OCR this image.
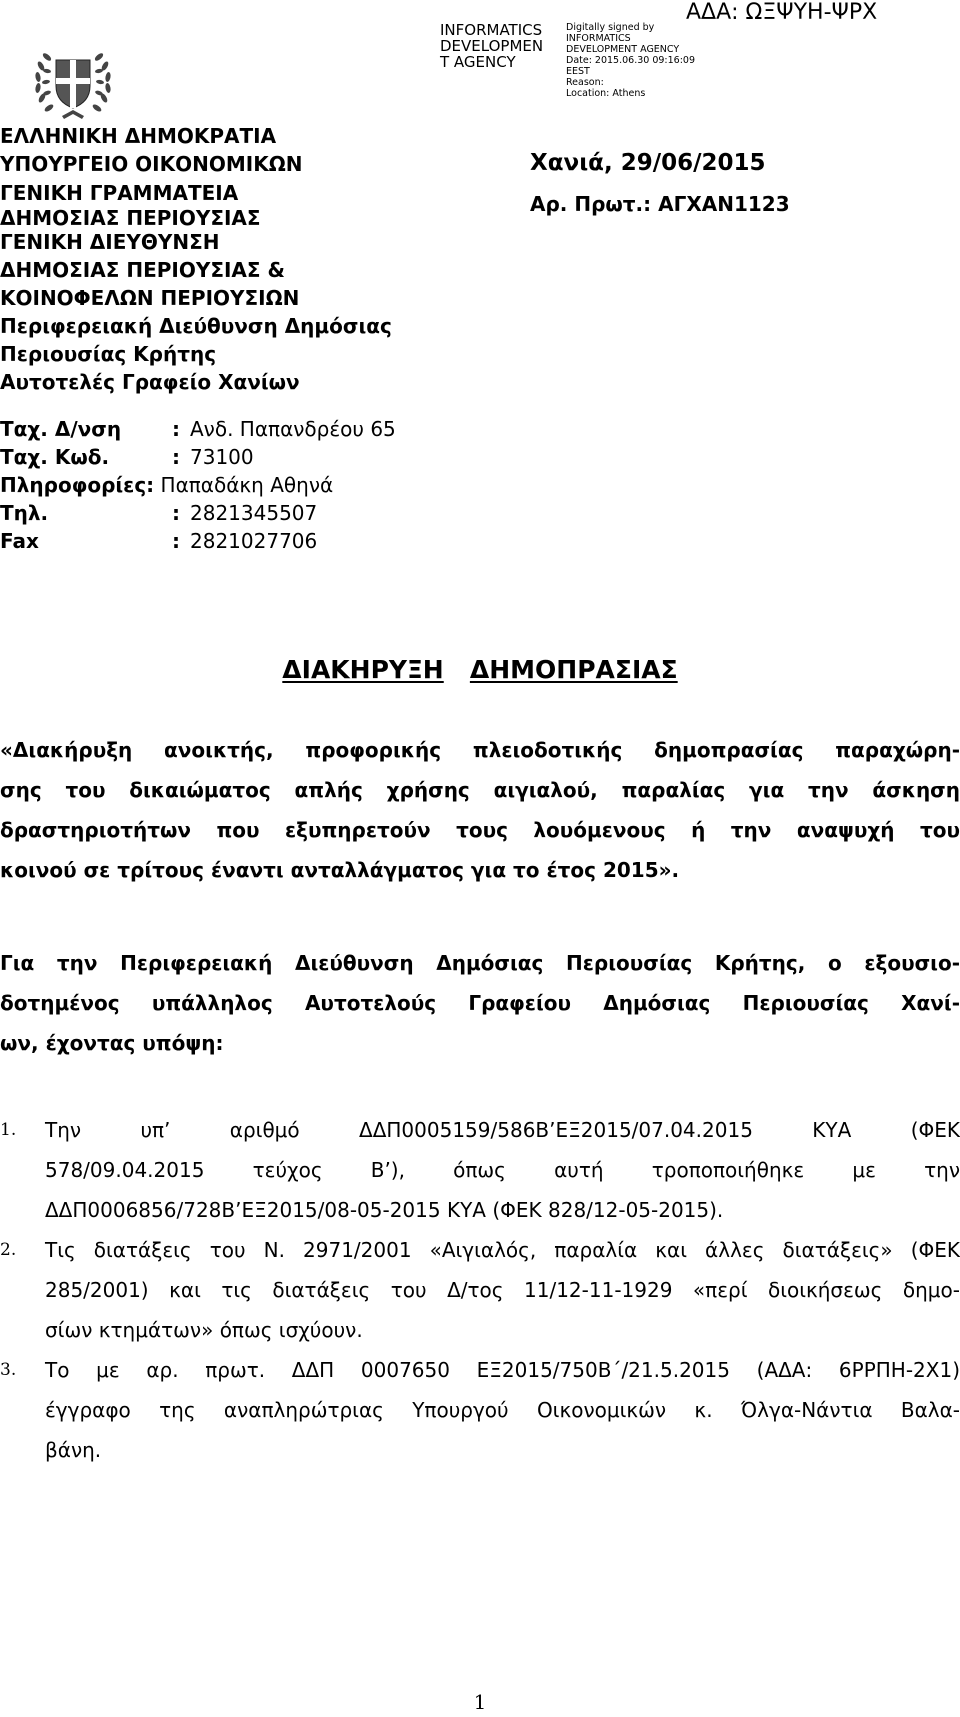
INFORMATICS
DEVELOPMEN
T AGENCY
Digitally signed by
INFORMATICS
DEVELOPMENT AGENCY
Date: 2015.06.30 09:16:09
EEST
Reason:
Location: Athens
ΑΔΑ: ΩΞΨΥΗ-ΨΡΧ
ΕΛΛΗΝΙΚΗ ΔΗΜΟΚΡΑΤΙΑ
ΥΠΟΥΡΓΕΙΟ ΟΙΚΟΝΟΜΙΚΩΝ
ΓΕΝΙΚΗ ΓΡΑΜΜΑΤΕΙΑ
ΔΗΜΟΣΙΑΣ ΠΕΡΙΟΥΣΙΑΣ
ΓΕΝΙΚΗ ΔΙΕΥΘΥΝΣΗ
ΔΗΜΟΣΙΑΣ ΠΕΡΙΟΥΣΙΑΣ &
ΚΟΙΝΟΦΕΛΩΝ ΠΕΡΙΟΥΣΙΩΝ
Περιφερειακή Διεύθυνση Δημόσιας
Περιουσίας Κρήτης
Αυτοτελές Γραφείο Χανίων
Χανιά, 29/06/2015
Αρ. Πρωτ.: ΑΓΧΑΝ1123
Ταχ. Δ/νση	: Ανδ. Παπανδρέου 65
Ταχ. Κωδ.	: 73100
Πληροφορίες: Παπαδάκη Αθηνά
Τηλ.	: 2821345507
Fax	: 2821027706
ΔΙΑΚΗΡΥΞΗ ΔΗΜΟΠΡΑΣΙΑΣ
«Διακήρυξη ανοικτής, προφορικής πλειοδοτικής δημοπρασίας παραχώρη-
σης του δικαιώματος απλής χρήσης αιγιαλού, παραλίας για την άσκηση
δραστηριοτήτων που εξυπηρετούν τους λουόμενους ή την αναψυχή του
κοινού σε τρίτους έναντι ανταλλάγματος για το έτος 2015».
Για την Περιφερειακή Διεύθυνση Δημόσιας Περιουσίας Κρήτης, ο εξουσιο-
δοτημένος υπάλληλος Αυτοτελούς Γραφείου Δημόσιας Περιουσίας Χανί-
ων, έχοντας υπόψη:
1.	Την υπ’ αριθμό ΔΔΠ0005159/586Β’ΕΞ2015/07.04.2015 ΚΥΑ (ΦΕΚ
578/09.04.2015 τεύχος Β’), όπως αυτή τροποποιήθηκε με την
ΔΔΠ0006856/728Β’ΕΞ2015/08-05-2015 ΚΥΑ (ΦΕΚ 828/12-05-2015).
2.	Τις διατάξεις του Ν. 2971/2001 «Αιγιαλός, παραλία και άλλες διατάξεις» (ΦΕΚ
285/2001) και τις διατάξεις του Δ/τος 11/12-11-1929 «περί διοικήσεως δημο-
σίων κτημάτων» όπως ισχύουν.
3.	Το με αρ. πρωτ. ΔΔΠ 0007650 ΕΞ2015/750Β΄/21.5.2015 (ΑΔΑ: 6ΡΡΠΗ-2Χ1)
έγγραφο της αναπληρώτριας Υπουργού Οικονομικών κ. Όλγα-Νάντια Βαλα-
βάνη.
1
